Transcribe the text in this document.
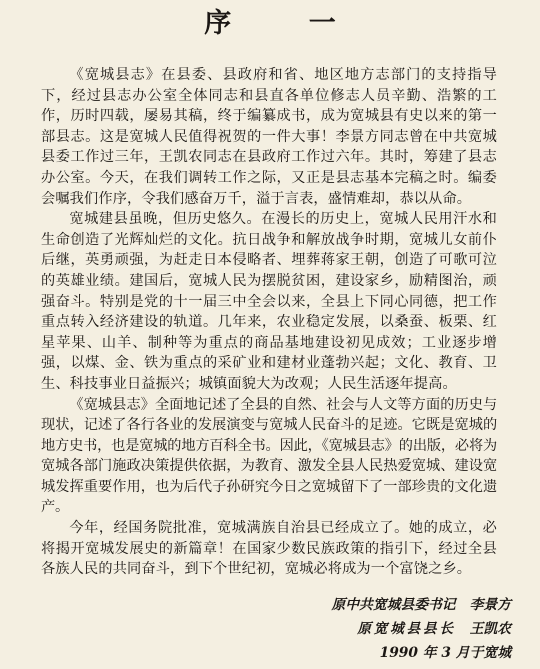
序 一

《宽城县志》在县委、县政府和省、地区地方志部门的支持指导下，经过县志办公室全体同志和县直各单位修志人员辛勤、浩繁的工作，历时四载，屡易其稿，终于编纂成书，成为宽城县有史以来的第一部县志。这是宽城人民值得祝贺的一件大事！李景方同志曾在中共宽城县委工作过三年，王凯农同志在县政府工作过六年。其时，筹建了县志办公室。今天，在我们调转工作之际，又正是县志基本完稿之时。编委会嘱我们作序，令我们感奋万千，溢于言表，盛情难却，恭以从命。

宽城建县虽晚，但历史悠久。在漫长的历史上，宽城人民用汗水和生命创造了光辉灿烂的文化。抗日战争和解放战争时期，宽城儿女前仆后继，英勇顽强，为赶走日本侵略者、埋葬蒋家王朝，创造了可歌可泣的英雄业绩。建国后，宽城人民为摆脱贫困，建设家乡，励精图治，顽强奋斗。特别是党的十一届三中全会以来，全县上下同心同德，把工作重点转入经济建设的轨道。几年来，农业稳定发展，以桑蚕、板栗、红星苹果、山羊、制种等为重点的商品基地建设初见成效；工业逐步增强，以煤、金、铁为重点的采矿业和建材业蓬勃兴起；文化、教育、卫生、科技事业日益振兴；城镇面貌大为改观；人民生活逐年提高。

《宽城县志》全面地记述了全县的自然、社会与人文等方面的历史与现状，记述了各行各业的发展演变与宽城人民奋斗的足迹。它既是宽城的地方史书，也是宽城的地方百科全书。因此，《宽城县志》的出版，必将为宽城各部门施政决策提供依据，为教育、激发全县人民热爱宽城、建设宽城发挥重要作用，也为后代子孙研究今日之宽城留下了一部珍贵的文化遗产。

今年，经国务院批准，宽城满族自治县已经成立了。她的成立，必将揭开宽城发展史的新篇章！在国家少数民族政策的指引下，经过全县各族人民的共同奋斗，到下个世纪初，宽城必将成为一个富饶之乡。

原中共宽城县委书记 李景方
原宽城县县长 王凯农
1990 年 3 月于宽城
